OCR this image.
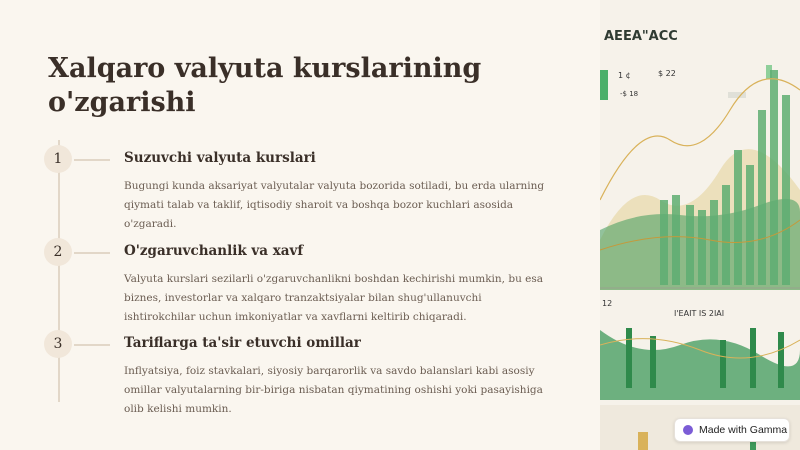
Xalqaro valyuta kurslarining o'zgarishi
1	Suzuvchi valyuta kurslari

Bugungi kunda aksariyat valyutalar valyuta bozorida sotiladi, bu erda ularning qiymati talab va taklif, iqtisodiy sharoit va boshqa bozor kuchlari asosida o'zgaradi.

2	O'zgaruvchanlik va xavf

Valyuta kurslari sezilarli o'zgaruvchanlikni boshdan kechirishi mumkin, bu esa biznes, investorlar va xalqaro tranzaktsiyalar bilan shug'ullanuvchi ishtirokchilar uchun imkoniyatlar va xavflarni keltirib chiqaradi.

3	Tariflarga ta'sir etuvchi omillar

Inflyatsiya, foiz stavkalari, siyosiy barqarorlik va savdo balanslari kabi asosiy omillar valyutalarning bir-biriga nisbatan qiymatining oshishi yoki pasayishiga olib kelishi mumkin.

AEEA"ACC
1 ¢	$ 22
-$ 18
12
I'EAIT IS 2IAI
Made with Gamma
